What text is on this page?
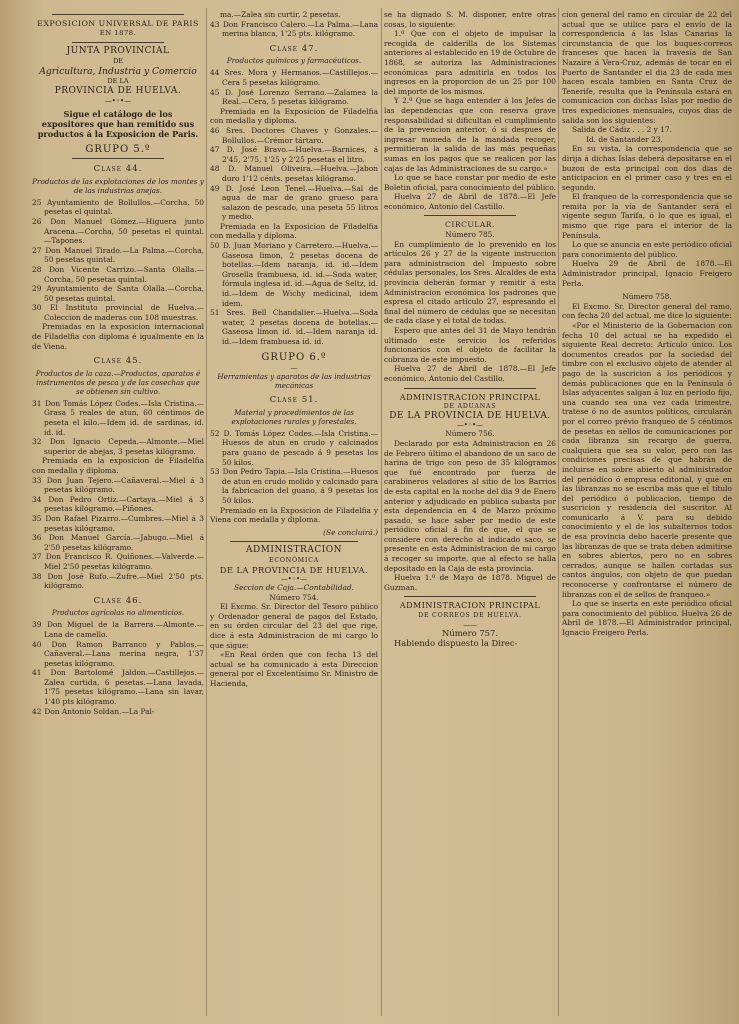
EXPOSICION UNIVERSAL DE PARIS

EN 1878.

JUNTA PROVINCIAL

DE

Agricultura, Industria y Comercio

DE LA

PROVINCIA DE HUELVA.

—•◦•—

Sigue el catálogo de los expositores que han remitido sus productos á la Exposicion de Paris.

GRUPO 5.º

Clase 44.

Productos de las explotaciones de los montes y de las industrias anejas.

25 Ayuntamiento de Bollullos.—Corcha, 50 pesetas el quintal.

26 Don Manuel Gómez.—Higuera junto Aracena.—Corcha, 50 pesetas el quintal.—Tapones.

27 Don Manuel Tirado.—La Palma.—Corcha, 50 pesetas quintal.

28 Don Vicente Carrizo.—Santa Olalla.—Corcha, 50 pesetas quintal.

29 Ayuntamiento de Santa Olalla.—Corcha, 50 pesetas quintal.

30 El Instituto provincial de Huelva.—Coleccion de maderas con 108 muestras.

Premiadas en la exposicion internacional de Filadelfia con diploma é igualmente en la de Viena.

Clase 45.

Productos de la caza.—Productos, aparatos é instrumentos de pesca y de las cosechas que se obtienen sin cultivo.

31 Don Tomás López Codes.—Isla Cristina.—Grasa 5 reales de atun, 60 céntimos de peseta el kilo.—Idem id. de sardinas, id. id. id.

32 Don Ignacio Cepeda.—Almonte.—Miel superior de abejas, 3 pesetas kilógramo.

Premiada en la exposicion de Filadelfia con medalla y diploma.

33 Don Juan Tejero.—Cañaveral.—Miel á 3 pesetas kilógramo.

34 Don Pedro Ortiz.—Cartaya.—Miel á 3 pesetas kilógramo.—Piñones.

35 Don Rafael Pizarro.—Cumbres.—Miel á 3 pesetas kilógramo.

36 Don Manuel García.—Jabugo.—Miel á 2'50 pesetas kilógramo.

37 Don Francisco R. Quiñones.—Valverde.—Miel 2'50 pesetas kilógramo.

38 Don José Rufo.—Zufre.—Miel 2'50 pts. kilógramo.

Clase 46.

Productos agrícolas no alimenticios.

39 Don Miguel de la Barrera.—Almonte.—Lana de camello.

40 Don Ramon Barranco y Pablos.—Cañaveral.—Lana merina negra, 1'37 pesetas kilógramo.

41 Don Bartolomé Jaldon.—Castillejos.—Zalea curtida, 6 pesetas.—Lana lavada, 1'75 pesetas kilógramo.—Lana sin lavar, 1'40 pts kilógramo.

42 Don Antonio Soldan.—La Pal-

ma.—Zalea sin curtir, 2 pesetas.

43 Don Francisco Calero.—La Palma.—Lana merina blanca, 1'25 pts. kilógramo.

Clase 47.

Productos químicos y farmacéuticos.

44 Sres. Mora y Hermanos.—Castillejos.—Cera 5 pesetas kilógramo.

45 D. José Lorenzo Serrano.—Zalamea la Real.—Cera, 5 pesetas kilógramo.

Premiada en la Exposicion de Filadelfia con medalla y diploma.

46 Sres. Doctores Chaves y Gonzales.—Bollullos.—Crémor tártaro.

47 D. José Bravo.—Huelva.—Barnices, á 2'45, 2'75, 1'25 y 2'25 pesetas el litro.

48 D. Manuel Oliveira.—Huelva.—Jabon duro 1'12 cénts. pesetas kilógramo.

49 D. José Leon Tenel.—Huelva.—Sal de agua de mar de grano grueso para salazon de pescado, una peseta 55 litros y medio.

Premiada en la Exposicion de Filadelfia con medalla y diploma.

50 D. Juan Moriano y Carretero.—Huelva.—Gaseosa limon, 2 pesetas docena de botellas.—Idem naranja, id. id.—Idem Grosella frambuesa, id. id.—Soda water, fórmula inglesa id. id.—Agua de Seltz, id. id.—Idem de Wichy medicinal, idem idem.

51 Sres. Bell Chandalier.—Huelva.—Soda water, 2 pesetas docena de botellas.—Gaseosa limon id. id.—Idem naranja id. id.—Idem frambuesa id. id.

GRUPO 6.º

—

Herramientas y aparatos de las industrias mecánicas

Clase 51.

Material y procedimientos de las explotaciones rurales y forestales.

52 D. Tomás López Codes.—Isla Cristina.—Huesos de atun en crudo y calcinados para guano de pescado á 9 pesetas los 50 kilos.

53 Don Pedro Tapia.—Isla Cristina.—Huesos de atun en crudo molido y calcinado para la fabricacion del guano, á 9 pesetas los 50 kilos.

Premiado en la Exposicion de Filadelfia y Viena con medalla y diploma.

(Se concluirá.)

ADMINISTRACION

ECONÓMICA

DE LA PROVINCIA DE HUELVA.

—•◦•—

Seccion de Caja.—Contabilidad.

Número 754.

El Excmo. Sr. Director del Tesoro público y Ordenador general de pagos del Estado, en su órden circular del 23 del que rige, dice á esta Administracion de mi cargo lo que sigue:

«En Real órden que con fecha 13 del actual se ha comunicado á esta Direccion general por el Excelentísimo Sr. Ministro de Hacienda,

se ha dignado S. M. disponer, entre otras cosas, lo siguiente:

1.º Que con el objeto de impulsar la recogida de calderilla de los Sistemas anteriores al establecido en 19 de Octubre de 1868, se autoriza las Administraciones económicas para admitirla en todos los ingresos en la proporcion de un 25 por 100 del importe de los mismos.

Y 2.º Que se haga entender á los Jefes de las dependencias que con reserva grave responsabilidad si dificultan el cumplimiento de la prevencion anterior, ó si despues de ingresar moneda de la mandada recoger, permitieran la salida de las más pequeñas sumas en los pagos que se realicen por las cajas de las Administraciones de su cargo.»

Lo que se hace constar por medio de este Boletin oficial, para conocimiento del público.

Huelva 27 de Abril de 1878.—El Jefe económico, Antonio del Castillo.

CIRCULAR.

Número 785.

En cumplimiento de lo prevenido en los artículos 26 y 27 de la vigente instruccion para administracion del Impuesto sobre cédulas personales, los Sres. Alcaldes de esta provincia deberán formar y remitir á esta Administracion económica los padrones que espresa el citado artículo 27, espresando el final del número de cédulas que se necesitan de cada clase y el total de todas.

Espero que antes del 31 de Mayo tendrán ultimado este servicio los referidos funcionarios con el objeto de facilitar la cobranza de este impuesto.

Huelva 27 de Abril de 1878.—El Jefe económico, Antonio del Castillo.

ADMINISTRACION PRINCIPAL

DE ADUANAS

DE LA PROVINCIA DE HUELVA.

—•◦•—

Número 756.

Declarado por esta Administracion en 26 de Febrero último el abandono de un saco de harina de trigo con peso de 35 kilógramos que fué encontrado por fuerza de carabineros veladores al sitio de los Barrios de esta capital en la noche del dia 9 de Enero anterior y adjudicado en pública subasta por esta dependencia en 4 de Marzo próximo pasado, se hace saber por medio de este periódico oficial á fin de que, el que se considere con derecho al indicado saco, se presente en esta Administracion de mi cargo á recoger su importe, que al efecto se halla depositado en la Caja de esta provincia.

Huelva 1.º de Mayo de 1878. Miguel de Guzman.

ADMINISTRACION PRINCIPAL

DE CORREOS DE HUELVA.

——

Número 757.

Habiendo dispuesto la Direc-

cion general del ramo en circular de 22 del actual que se utilice para el envío de la correspondencia á las Islas Canarias la circunstancia de que los buques-correos franceses que hacen la travesía de San Nazaire á Vera-Cruz, además de tocar en el Puerto de Santander el dia 23 de cada mes hacen escala tambien en Santa Cruz de Tenerife, resulta que la Península estará en comunicacion con dichas Islas por medio de tres expediciones mensuales, cuyos dias de salida son los siguientes:

Salida de Cádiz . . . 2 y 17.

Id. de Santander 23.

En su vista, la correspondencia que se dirija á dichas Islas deberá depositarse en el buzon de esta principal con dos dias de anticipacion en el primer caso y tres en el segundo.

El franqueo de la correspondencia que se remita por la vía de Santander será el vigente segun Tarifa, ó lo que es igual, el mismo que rige para el interior de la Península.

Lo que se anuncia en este periódico oficial para conocimiento del público.

Huelva 29 de Abril de 1878.—El Administrador principal, Ignacio Freigero Perla.

Número 758.

El Excmo. Sr. Director general del ramo, con fecha 20 del actual, me dice lo siguiente:

«Por el Ministerio de la Gobernacion con fecha 10 del actual se ha expedido el siguiente Real decreto: Artículo único. Los documentos creados por la sociedad del timbre con el exclusivo objeto de atender al pago de la suscricion á los periódicos y demás publicaciones que en la Península ó Islas adyacentes salgan á luz en periodo fijo, una cuando sea una vez cada trimestre, tratese ó no de asuntos políticos, circularán por el correo prévio franqueo de 5 céntimos de pesetas en sellos de comunicaciones por cada libranza sin recargo de guerra, cualquiera que sea su valor, pero con las condiciones precisas de que habrán de incluirse en sobre abierto al administrador del periódico ó empresa editorial, y que en las libranzas no se escriba más que el título del periódico ó publicacion, tiempo de suscricion y residencia del suscritor. Al comunicarlo á V. para su debido conocimiento y el de los subalternos todos de esa provincia debo hacerle presente que las libranzas de que se trata deben admitirse en sobres abiertos, pero no en sobres cerrados, aunque se hallen cortadas sus cantos ángulos, con objeto de que puedan reconocerse y confrontarse el número de libranzas con el de sellos de franqueo.»

Lo que se inserta en este periódico oficial para conocimiento del público. Huelva 26 de Abril de 1878.—El Administrador principal, Ignacio Freigero Perla.
